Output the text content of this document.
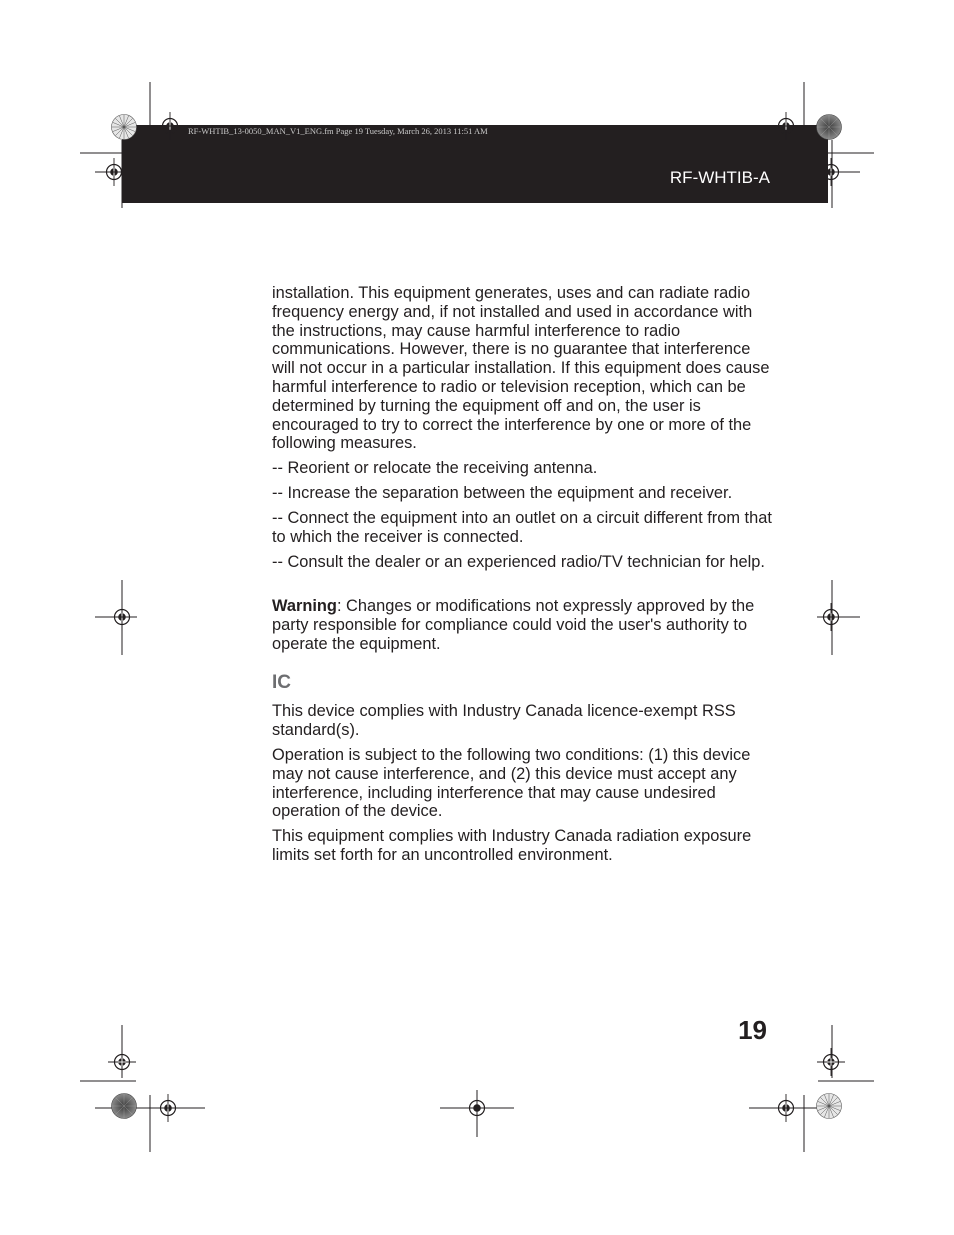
RF-WHTIB_13-0050_MAN_V1_ENG.fm Page 19 Tuesday, March 26, 2013 11:51 AM
RF-WHTIB-A

installation. This equipment generates, uses and can radiate radio frequency energy and, if not installed and used in accordance with the instructions, may cause harmful interference to radio communications. However, there is no guarantee that interference will not occur in a particular installation. If this equipment does cause harmful interference to radio or television reception, which can be determined by turning the equipment off and on, the user is encouraged to try to correct the interference by one or more of the following measures.

-- Reorient or relocate the receiving antenna.

-- Increase the separation between the equipment and receiver.

-- Connect the equipment into an outlet on a circuit different from that to which the receiver is connected.

-- Consult the dealer or an experienced radio/TV technician for help.

Warning: Changes or modifications not expressly approved by the party responsible for compliance could void the user's authority to operate the equipment.

IC

This device complies with Industry Canada licence-exempt RSS standard(s).

Operation is subject to the following two conditions: (1) this device may not cause interference, and (2) this device must accept any interference, including interference that may cause undesired operation of the device.

This equipment complies with Industry Canada radiation exposure limits set forth for an uncontrolled environment.

19
